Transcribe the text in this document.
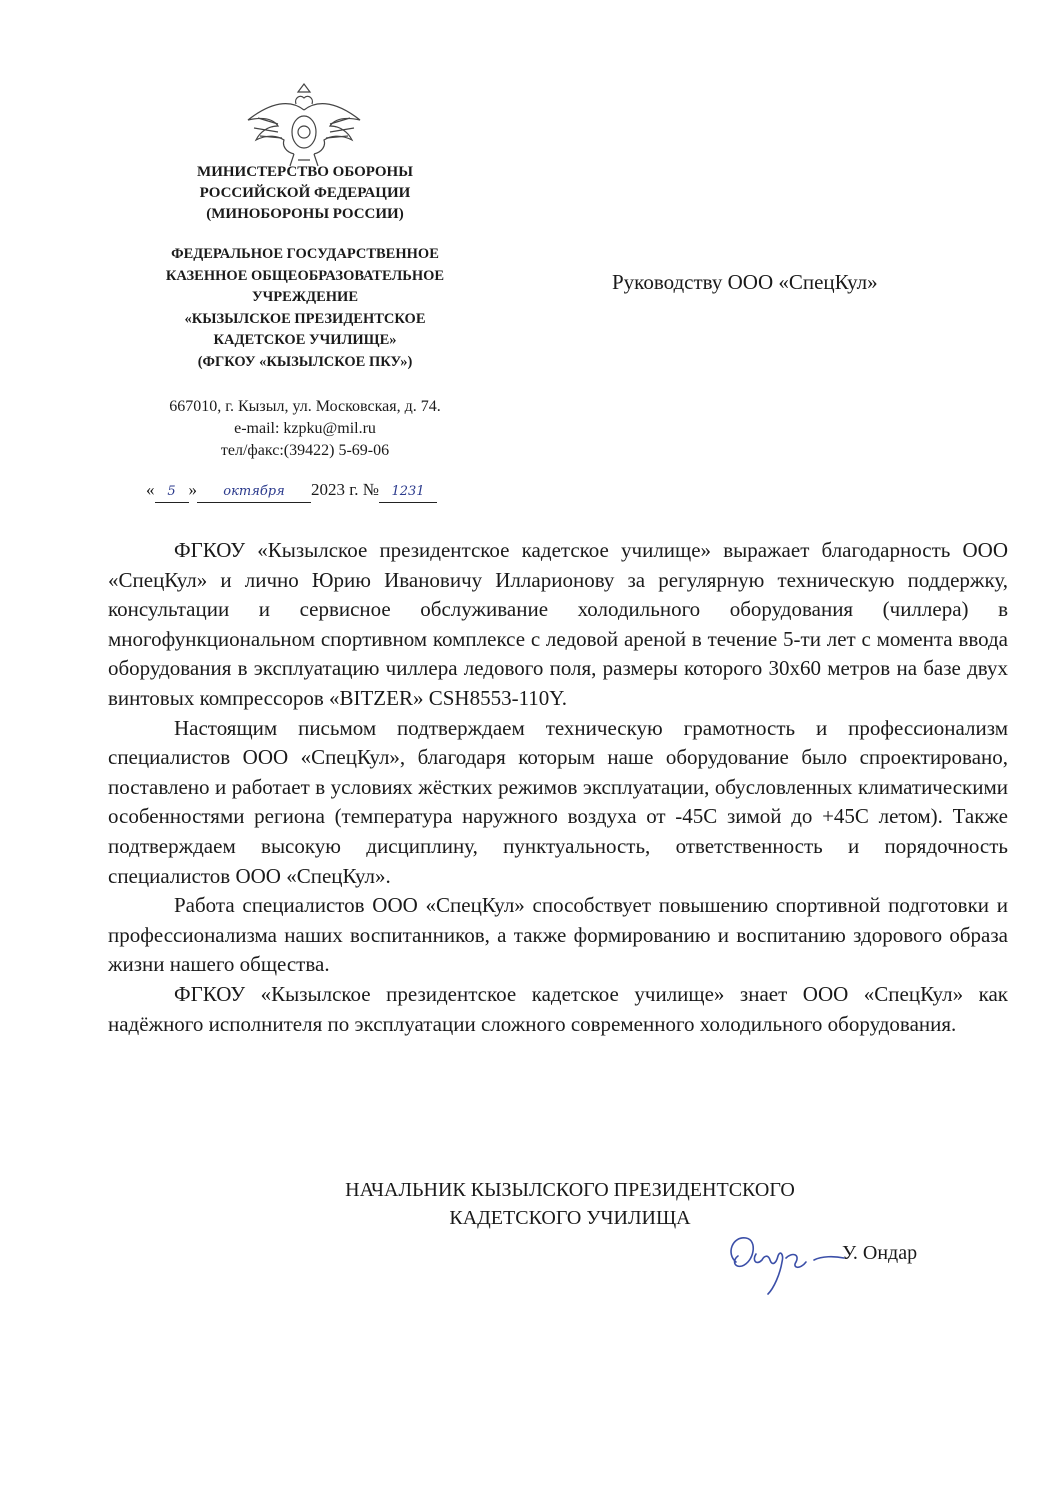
МИНИСТЕРСТВО ОБОРОНЫ
РОССИЙСКОЙ ФЕДЕРАЦИИ
(МИНОБОРОНЫ РОССИИ)
ФЕДЕРАЛЬНОЕ ГОСУДАРСТВЕННОЕ
КАЗЕННОЕ ОБЩЕОБРАЗОВАТЕЛЬНОЕ
УЧРЕЖДЕНИЕ
«КЫЗЫЛСКОЕ ПРЕЗИДЕНТСКОЕ
КАДЕТСКОЕ УЧИЛИЩЕ»
(ФГКОУ «КЫЗЫЛСКОЕ ПКУ»)
667010, г. Кызыл, ул. Московская, д. 74.
e-mail: kzpku@mil.ru
тел/факс:(39422) 5-69-06
« 5 » октября 2023 г. № 1231
Руководству ООО «СпецКул»

ФГКОУ «Кызылское президентское кадетское училище» выражает благодарность ООО «СпецКул» и лично Юрию Ивановичу Илларионову за регулярную техническую поддержку, консультации и сервисное обслуживание холодильного оборудования (чиллера) в многофункциональном спортивном комплексе с ледовой ареной в течение 5-ти лет с момента ввода оборудования в эксплуатацию чиллера ледового поля, размеры которого 30х60 метров на базе двух винтовых компрессоров «BITZER» CSH8553-110Y.

Настоящим письмом подтверждаем техническую грамотность и профессионализм специалистов ООО «СпецКул», благодаря которым наше оборудование было спроектировано, поставлено и работает в условиях жёстких режимов эксплуатации, обусловленных климатическими особенностями региона (температура наружного воздуха от -45С зимой до +45С летом). Также подтверждаем высокую дисциплину, пунктуальность, ответственность и порядочность специалистов ООО «СпецКул».

Работа специалистов ООО «СпецКул» способствует повышению спортивной подготовки и профессионализма наших воспитанников, а также формированию и воспитанию здорового образа жизни нашего общества.

ФГКОУ «Кызылское президентское кадетское училище» знает ООО «СпецКул» как надёжного исполнителя по эксплуатации сложного современного холодильного оборудования.

НАЧАЛЬНИК КЫЗЫЛСКОГО ПРЕЗИДЕНТСКОГО
КАДЕТСКОГО УЧИЛИЩА
У. Ондар
